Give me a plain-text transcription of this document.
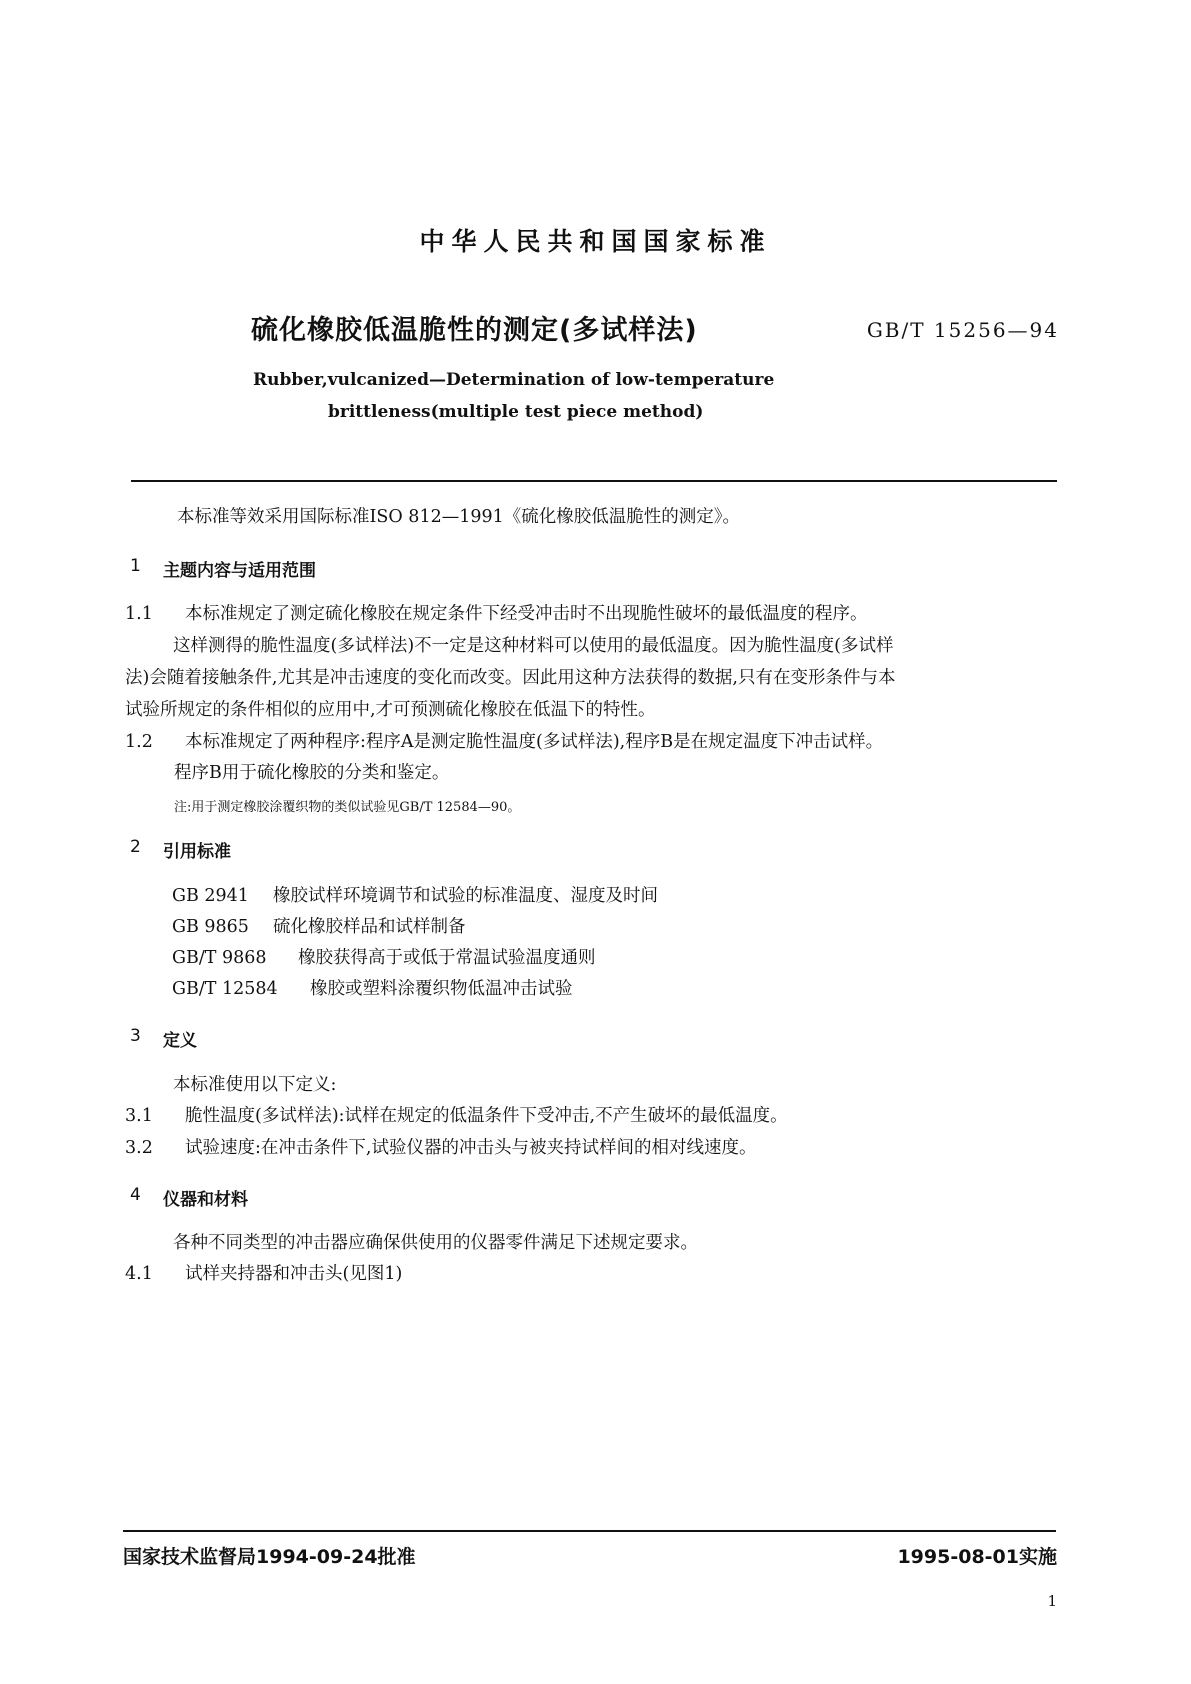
中华人民共和国国家标准
硫化橡胶低温脆性的测定(多试样法)	GB/T 15256—94
Rubber,vulcanized—Determination of low-temperature
brittleness(multiple test piece method)
本标准等效采用国际标准ISO 812—1991《硫化橡胶低温脆性的测定》。
1 主题内容与适用范围
1.1 本标准规定了测定硫化橡胶在规定条件下经受冲击时不出现脆性破坏的最低温度的程序。
这样测得的脆性温度(多试样法)不一定是这种材料可以使用的最低温度。因为脆性温度(多试样
法)会随着接触条件,尤其是冲击速度的变化而改变。因此用这种方法获得的数据,只有在变形条件与本
试验所规定的条件相似的应用中,才可预测硫化橡胶在低温下的特性。
1.2 本标准规定了两种程序:程序A是测定脆性温度(多试样法),程序B是在规定温度下冲击试样。
程序B用于硫化橡胶的分类和鉴定。
注:用于测定橡胶涂覆织物的类似试验见GB/T 12584—90。
2 引用标准
GB 2941 橡胶试样环境调节和试验的标准温度、湿度及时间
GB 9865 硫化橡胶样品和试样制备
GB/T 9868 橡胶获得高于或低于常温试验温度通则
GB/T 12584 橡胶或塑料涂覆织物低温冲击试验
3 定义
本标准使用以下定义:
3.1 脆性温度(多试样法):试样在规定的低温条件下受冲击,不产生破坏的最低温度。
3.2 试验速度:在冲击条件下,试验仪器的冲击头与被夹持试样间的相对线速度。
4 仪器和材料
各种不同类型的冲击器应确保供使用的仪器零件满足下述规定要求。
4.1 试样夹持器和冲击头(见图1)
国家技术监督局1994-09-24批准	1995-08-01实施
1
